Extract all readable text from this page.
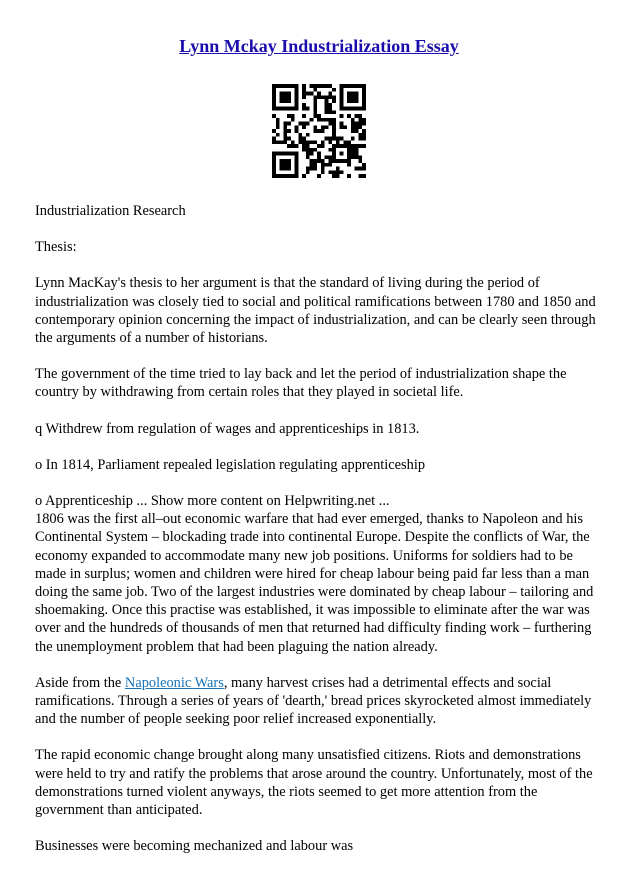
Lynn Mckay Industrialization Essay

Industrialization Research

Thesis:

Lynn MacKay's thesis to her argument is that the standard of living during the period of industrialization was closely tied to social and political ramifications between 1780 and 1850 and contemporary opinion concerning the impact of industrialization, and can be clearly seen through the arguments of a number of historians.

The government of the time tried to lay back and let the period of industrialization shape the country by withdrawing from certain roles that they played in societal life.

q Withdrew from regulation of wages and apprenticeships in 1813.

o In 1814, Parliament repealed legislation regulating apprenticeship

o Apprenticeship ... Show more content on Helpwriting.net ...

1806 was the first all–out economic warfare that had ever emerged, thanks to Napoleon and his Continental System – blockading trade into continental Europe. Despite the conflicts of War, the economy expanded to accommodate many new job positions. Uniforms for soldiers had to be made in surplus; women and children were hired for cheap labour being paid far less than a man doing the same job. Two of the largest industries were dominated by cheap labour – tailoring and shoemaking. Once this practise was established, it was impossible to eliminate after the war was over and the hundreds of thousands of men that returned had difficulty finding work – furthering the unemployment problem that had been plaguing the nation already.

Aside from the Napoleonic Wars, many harvest crises had a detrimental effects and social ramifications. Through a series of years of 'dearth,' bread prices skyrocketed almost immediately and the number of people seeking poor relief increased exponentially.

The rapid economic change brought along many unsatisfied citizens. Riots and demonstrations were held to try and ratify the problems that arose around the country. Unfortunately, most of the demonstrations turned violent anyways, the riots seemed to get more attention from the government than anticipated.

Businesses were becoming mechanized and labour was
